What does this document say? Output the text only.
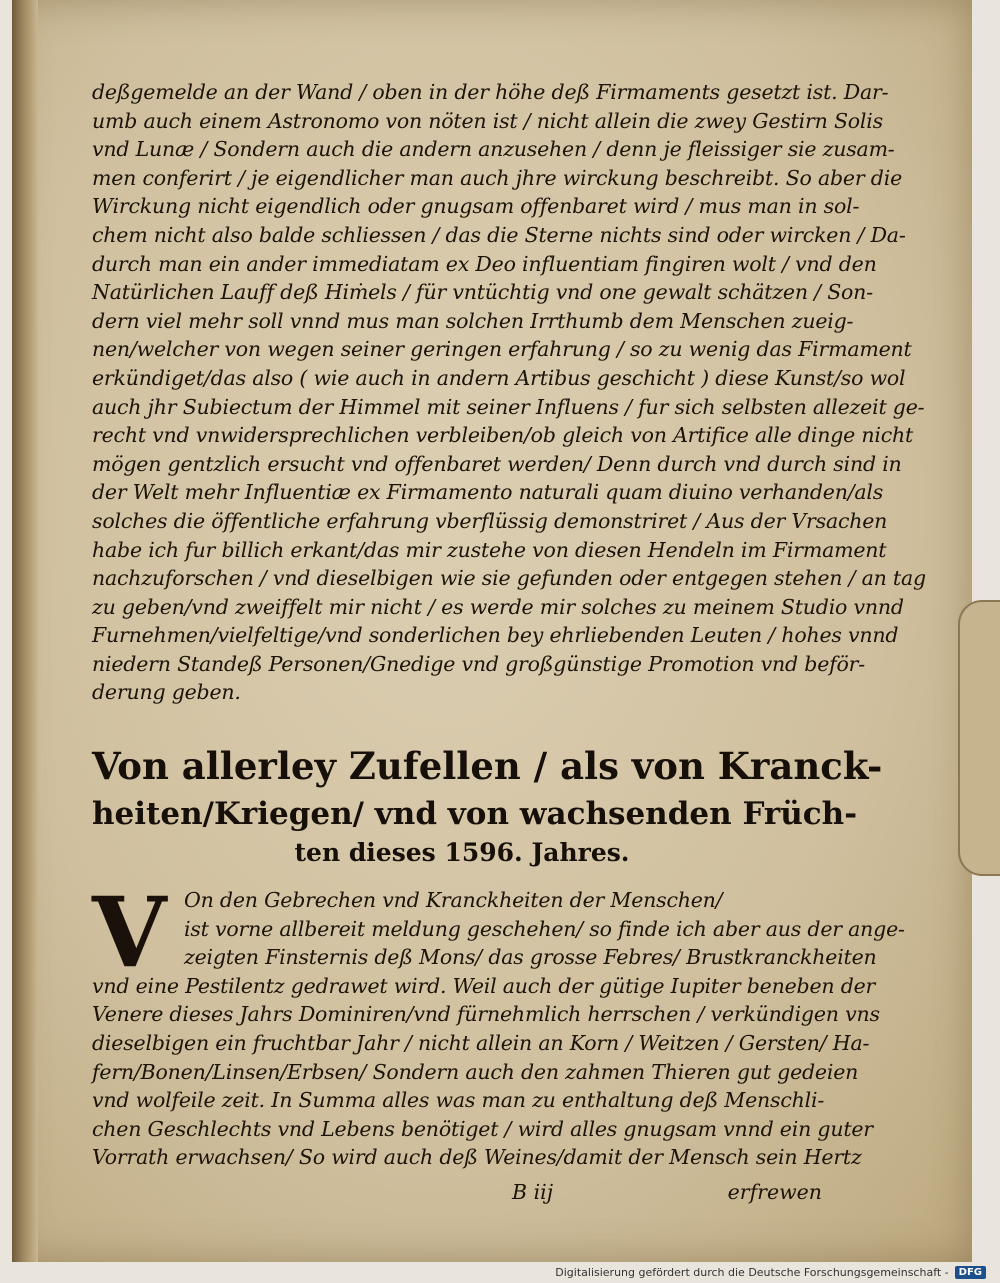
deßgemelde an der Wand / oben in der höhe deß Firmaments gesetzt ist. Dar-
umb auch einem Astronomo von nöten ist / nicht allein die zwey Gestirn Solis
vnd Lunæ / Sondern auch die andern anzusehen / denn je fleissiger sie zusam-
men conferirt / je eigendlicher man auch jhre wirckung beschreibt. So aber die
Wirckung nicht eigendlich oder gnugsam offenbaret wird / mus man in sol-
chem nicht also balde schliessen / das die Sterne nichts sind oder wircken / Da-
durch man ein ander immediatam ex Deo influentiam fingiren wolt / vnd den
Natürlichen Lauff deß Hiṁels / für vntüchtig vnd one gewalt schätzen / Son-
dern viel mehr soll vnnd mus man solchen Irrthumb dem Menschen zueig-
nen/welcher von wegen seiner geringen erfahrung / so zu wenig das Firmament
erkündiget/das also ( wie auch in andern Artibus geschicht ) diese Kunst/so wol
auch jhr Subiectum der Himmel mit seiner Influens / fur sich selbsten allezeit ge-
recht vnd vnwidersprechlichen verbleiben/ob gleich von Artifice alle dinge nicht
mögen gentzlich ersucht vnd offenbaret werden/ Denn durch vnd durch sind in
der Welt mehr Influentiæ ex Firmamento naturali quam diuino verhanden/als
solches die öffentliche erfahrung vberflüssig demonstriret / Aus der Vrsachen
habe ich fur billich erkant/das mir zustehe von diesen Hendeln im Firmament
nachzuforschen / vnd dieselbigen wie sie gefunden oder entgegen stehen / an tag
zu geben/vnd zweiffelt mir nicht / es werde mir solches zu meinem Studio vnnd
Furnehmen/vielfeltige/vnd sonderlichen bey ehrliebenden Leuten / hohes vnnd
niedern Standeß Personen/Gnedige vnd großgünstige Promotion vnd beför-
derung geben.
Von allerley Zufellen / als von Kranck-
heiten/Kriegen/ vnd von wachsenden Früch-
ten dieses 1596. Jahres.
V On den Gebrechen vnd Kranckheiten der Menschen/
ist vorne allbereit meldung geschehen/ so finde ich aber aus der ange-
zeigten Finsternis deß Mons/ das grosse Febres/ Brustkranckheiten
vnd eine Pestilentz gedrawet wird. Weil auch der gütige Iupiter beneben der
Venere dieses Jahrs Dominiren/vnd fürnehmlich herrschen / verkündigen vns
dieselbigen ein fruchtbar Jahr / nicht allein an Korn / Weitzen / Gersten/ Ha-
fern/Bonen/Linsen/Erbsen/ Sondern auch den zahmen Thieren gut gedeien
vnd wolfeile zeit. In Summa alles was man zu enthaltung deß Menschli-
chen Geschlechts vnd Lebens benötiget / wird alles gnugsam vnnd ein guter
Vorrath erwachsen/ So wird auch deß Weines/damit der Mensch sein Hertz
B iij	erfrewen
Digitalisierung gefördert durch die Deutsche Forschungsgemeinschaft -	DFG
